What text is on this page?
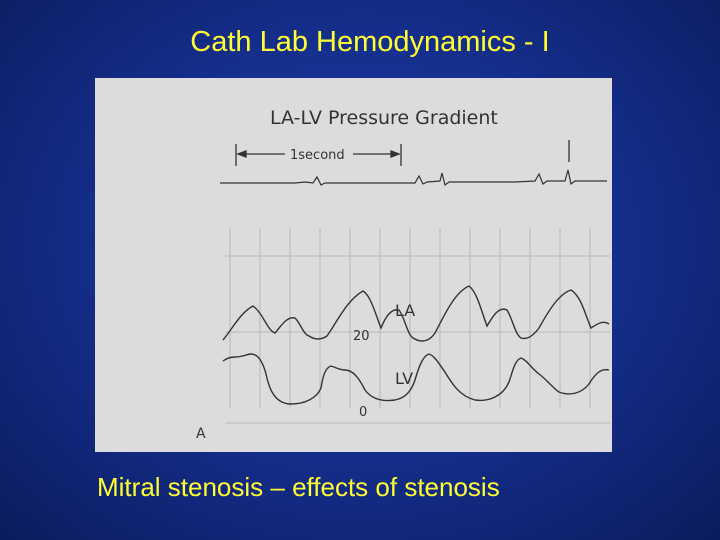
Cath Lab Hemodynamics - I
LA-LV Pressure Gradient
1second
LA
LV
20
0
A
Mitral stenosis – effects of stenosis
